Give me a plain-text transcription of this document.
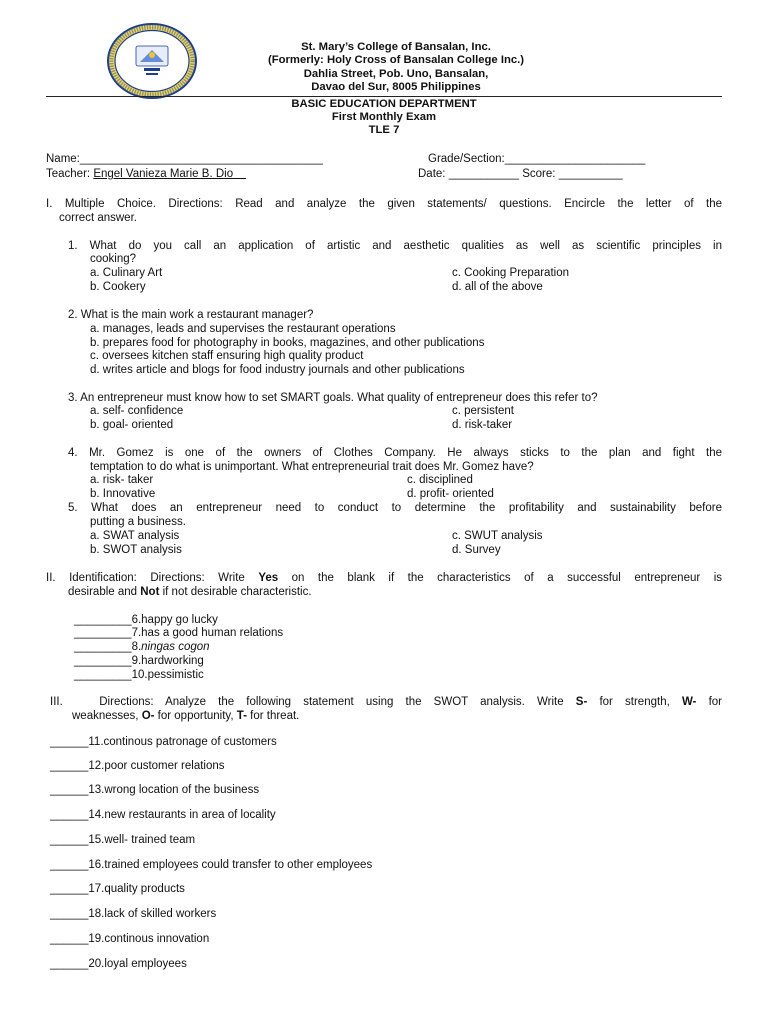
St. Mary’s College of Bansalan, Inc.
(Formerly: Holy Cross of Bansalan College Inc.)
Dahlia Street, Pob. Uno, Bansalan,
Davao del Sur, 8005 Philippines
BASIC EDUCATION DEPARTMENT
First Monthly Exam
TLE 7
Name:______________________________________	Grade/Section:______________________
Teacher: Engel Vanieza Marie B. Dio	Date: ___________ Score: __________
I. Multiple Choice. Directions: Read and analyze the given statements/ questions. Encircle the letter of the
correct answer.
1. What do you call an application of artistic and aesthetic qualities as well as scientific principles in
cooking?
a. Culinary Art	c. Cooking Preparation
b. Cookery	d. all of the above
2. What is the main work a restaurant manager?
a. manages, leads and supervises the restaurant operations
b. prepares food for photography in books, magazines, and other publications
c. oversees kitchen staff ensuring high quality product
d. writes article and blogs for food industry journals and other publications
3. An entrepreneur must know how to set SMART goals. What quality of entrepreneur does this refer to?
a. self- confidence	c. persistent
b. goal- oriented	d. risk-taker
4. Mr. Gomez is one of the owners of Clothes Company. He always sticks to the plan and fight the
temptation to do what is unimportant. What entrepreneurial trait does Mr. Gomez have?
a. risk- taker	c. disciplined
b. Innovative	d. profit- oriented
5. What does an entrepreneur need to conduct to determine the profitability and sustainability before
putting a business.
a. SWAT analysis	c. SWUT analysis
b. SWOT analysis	d. Survey
II. Identification: Directions: Write Yes on the blank if the characteristics of a successful entrepreneur is
desirable and Not if not desirable characteristic.
_________6.happy go lucky
_________7.has a good human relations
_________8.ningas cogon
_________9.hardworking
_________10.pessimistic
III.   Directions: Analyze the following statement using the SWOT analysis. Write S- for strength, W- for
weaknesses, O- for opportunity, T- for threat.
______11.continous patronage of customers
______12.poor customer relations
______13.wrong location of the business
______14.new restaurants in area of locality
______15.well- trained team
______16.trained employees could transfer to other employees
______17.quality products
______18.lack of skilled workers
______19.continous innovation
______20.loyal employees
